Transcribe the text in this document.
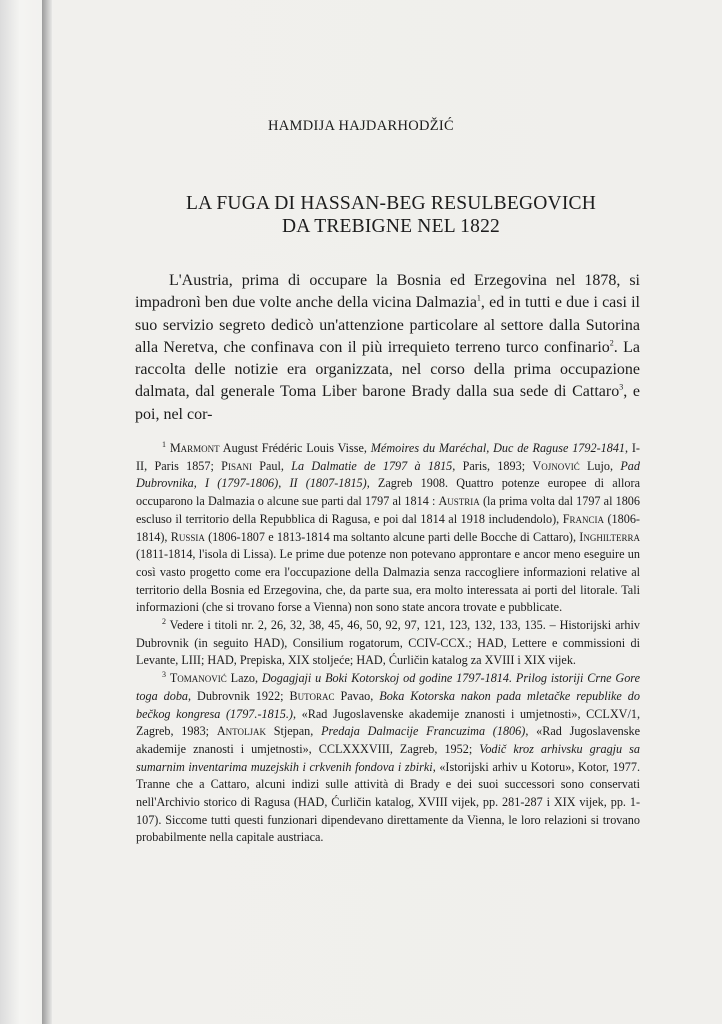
HAMDIJA HAJDARHODŽIĆ
LA FUGA DI HASSAN-BEG RESULBEGOVICH
DA TREBIGNE NEL 1822

L'Austria, prima di occupare la Bosnia ed Erzegovina nel 1878, si impadronì ben due volte anche della vicina Dalmazia$^1$, ed in tutti e due i casi il suo servizio segreto dedicò un'attenzione particolare al settore dalla Sutorina alla Neretva, che confinava con il più irrequieto terreno turco confinario$^2$. La raccolta delle notizie era organizzata, nel corso della prima occupazione dalmata, dal generale Toma Liber barone Brady dalla sua sede di Cattaro$^3$, e poi, nel cor-

$^1$ Marmont August Frédéric Louis Visse, Mémoires du Maréchal, Duc de Raguse 1792-1841, I-II, Paris 1857; Pisani Paul, La Dalmatie de 1797 à 1815, Paris, 1893; Vojnović Lujo, Pad Dubrovnika, I (1797-1806), II (1807-1815), Zagreb 1908. Quattro potenze europee di allora occuparono la Dalmazia o alcune sue parti dal 1797 al 1814 : Austria (la prima volta dal 1797 al 1806 escluso il territorio della Repubblica di Ragusa, e poi dal 1814 al 1918 includendolo), Francia (1806-1814), Russia (1806-1807 e 1813-1814 ma soltanto alcune parti delle Bocche di Cattaro), Inghilterra (1811-1814, l'isola di Lissa). Le prime due potenze non potevano approntare e ancor meno eseguire un così vasto progetto come era l'occupazione della Dalmazia senza raccogliere informazioni relative al territorio della Bosnia ed Erzegovina, che, da parte sua, era molto interessata ai porti del litorale. Tali informazioni (che si trovano forse a Vienna) non sono state ancora trovate e pubblicate.

$^2$ Vedere i titoli nr. 2, 26, 32, 38, 45, 46, 50, 92, 97, 121, 123, 132, 133, 135. – Historijski arhiv Dubrovnik (in seguito HAD), Consilium rogatorum, CCIV-CCX.; HAD, Lettere e commissioni di Levante, LIII; HAD, Prepiska, XIX stoljeće; HAD, Ćurličin katalog za XVIII i XIX vijek.

$^3$ Tomanović Lazo, Dogagjaji u Boki Kotorskoj od godine 1797-1814. Prilog istoriji Crne Gore toga doba, Dubrovnik 1922; Butorac Pavao, Boka Kotorska nakon pada mletačke republike do bečkog kongresa (1797.-1815.), «Rad Jugoslavenske akademije znanosti i umjetnosti», CCLXV/1, Zagreb, 1983; Antoljak Stjepan, Predaja Dalmacije Francuzima (1806), «Rad Jugoslavenske akademije znanosti i umjetnosti», CCLXXXVIII, Zagreb, 1952; Vodič kroz arhivsku gragju sa sumarnim inventarima muzejskih i crkvenih fondova i zbirki, «Istorijski arhiv u Kotoru», Kotor, 1977. Tranne che a Cattaro, alcuni indizi sulle attività di Brady e dei suoi successori sono conservati nell'Archivio storico di Ragusa (HAD, Ćurličin katalog, XVIII vijek, pp. 281-287 i XIX vijek, pp. 1-107). Siccome tutti questi funzionari dipendevano direttamente da Vienna, le loro relazioni si trovano probabilmente nella capitale austriaca.
